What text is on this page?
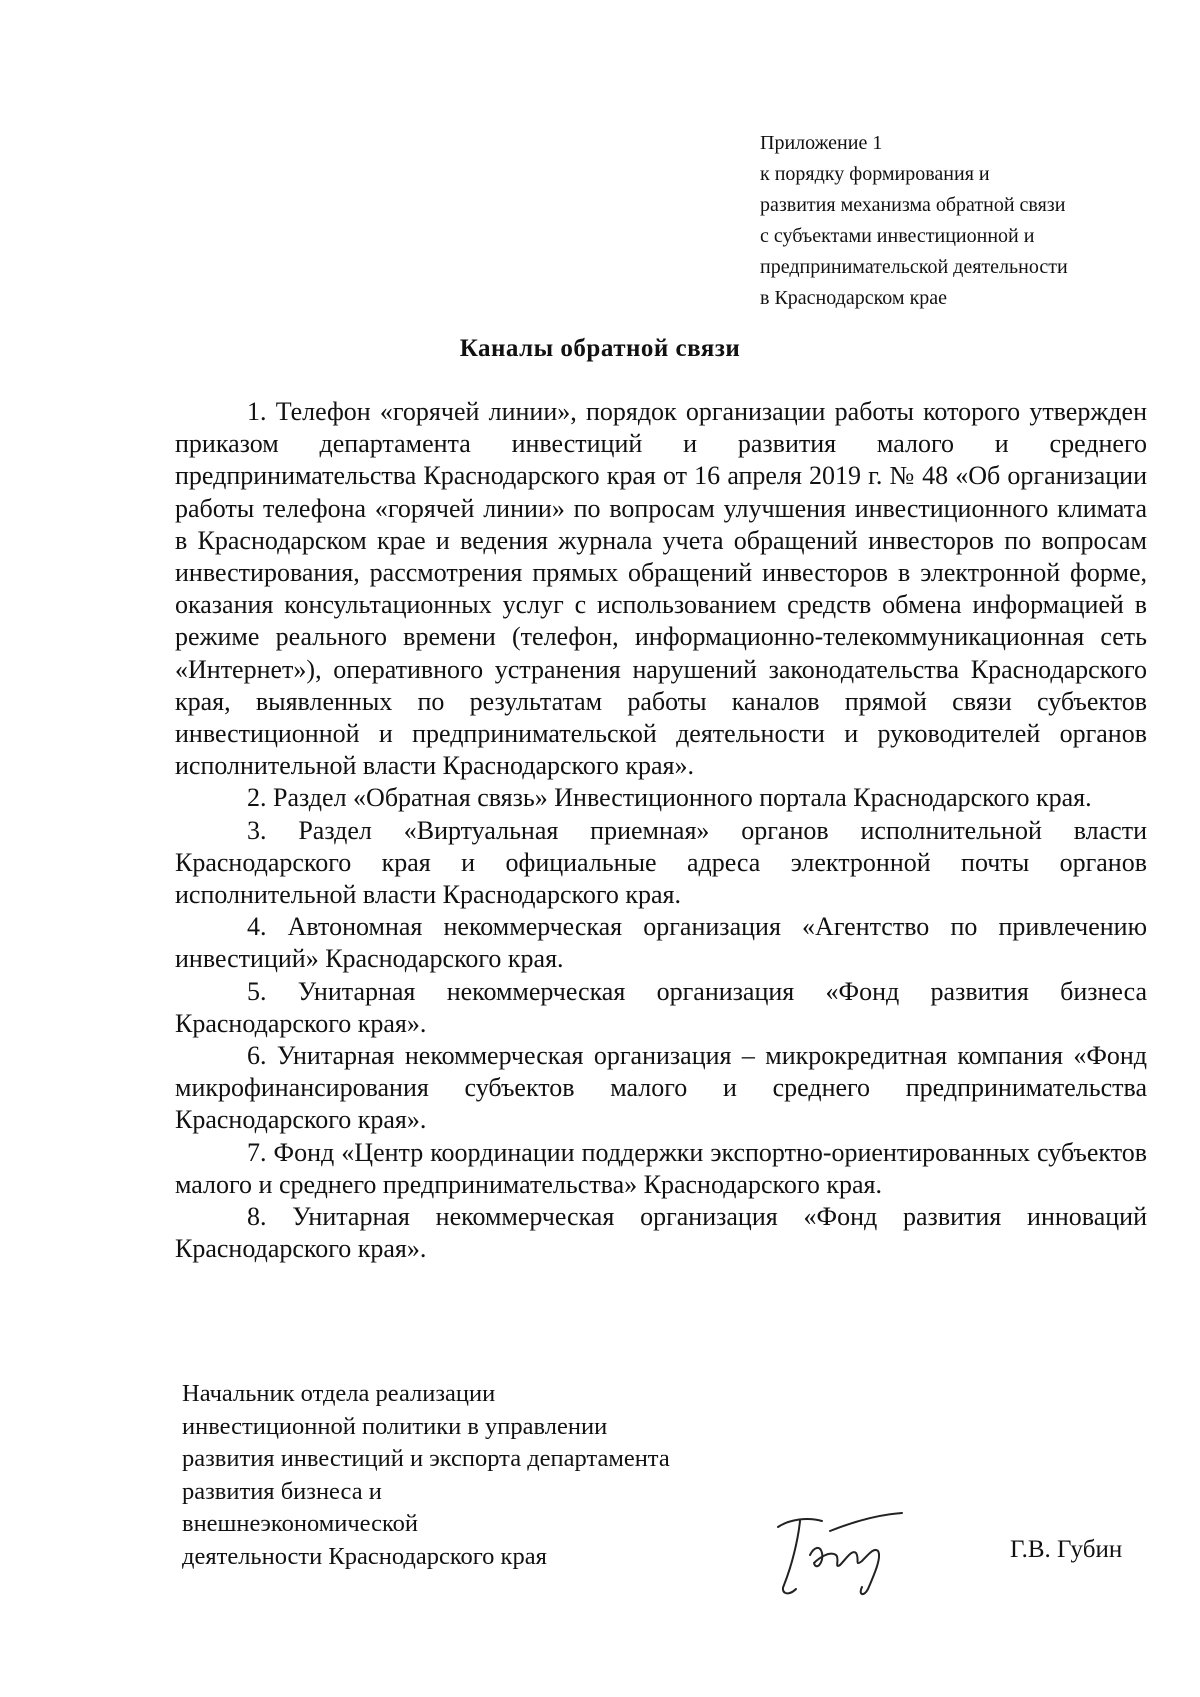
Приложение 1
к порядку формирования и
развития механизма обратной связи
с субъектами инвестиционной и
предпринимательской деятельности
в Краснодарском крае
Каналы обратной связи

1. Телефон «горячей линии», порядок организации работы которого утвержден приказом департамента инвестиций и развития малого и среднего предпринимательства Краснодарского края от 16 апреля 2019 г. № 48 «Об организации работы телефона «горячей линии» по вопросам улучшения инвестиционного климата в Краснодарском крае и ведения журнала учета обращений инвесторов по вопросам инвестирования, рассмотрения прямых обращений инвесторов в электронной форме, оказания консультационных услуг с использованием средств обмена информацией в режиме реального времени (телефон, информационно-телекоммуникационная сеть «Интернет»), оперативного устранения нарушений законодательства Краснодарского края, выявленных по результатам работы каналов прямой связи субъектов инвестиционной и предпринимательской деятельности и руководителей органов исполнительной власти Краснодарского края».

2. Раздел «Обратная связь» Инвестиционного портала Краснодарского края.

3. Раздел «Виртуальная приемная» органов исполнительной власти Краснодарского края и официальные адреса электронной почты органов исполнительной власти Краснодарского края.

4. Автономная некоммерческая организация «Агентство по привлечению инвестиций» Краснодарского края.

5. Унитарная некоммерческая организация «Фонд развития бизнеса Краснодарского края».

6. Унитарная некоммерческая организация – микрокредитная компания «Фонд микрофинансирования субъектов малого и среднего предпринимательства Краснодарского края».

7. Фонд «Центр координации поддержки экспортно-ориентированных субъектов малого и среднего предпринимательства» Краснодарского края.

8. Унитарная некоммерческая организация «Фонд развития инноваций Краснодарского края».

Начальник отдела реализации
инвестиционной политики в управлении
развития инвестиций и экспорта департамента
развития бизнеса и
внешнеэкономической
деятельности Краснодарского края	Г.В. Губин
